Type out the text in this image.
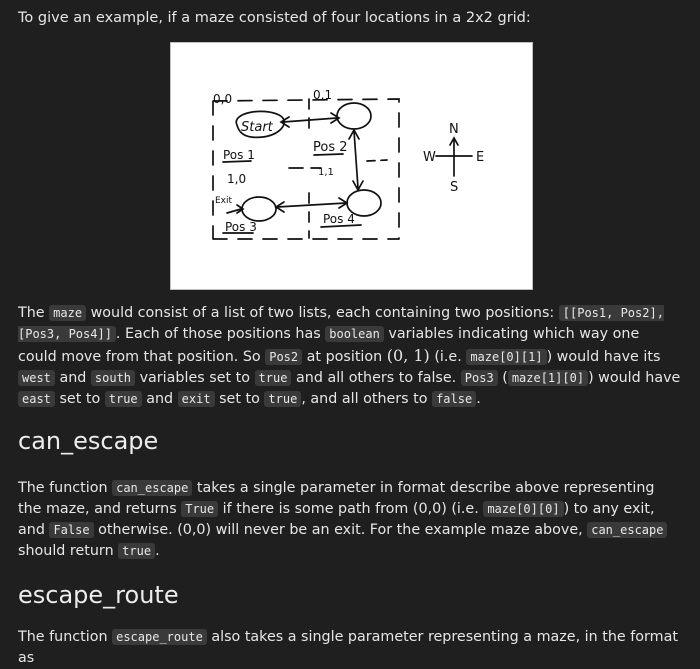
To give an example, if a maze consisted of four locations in a 2x2 grid:
0,0	0,1
1,0	1,1
Start
Pos 1	Pos 2
Exit
Pos 3
Pos 4
N
W	E
S
The maze would consist of a list of two lists, each containing two positions: [[Pos1, Pos2], [Pos3, Pos4]] . Each of those positions has boolean variables indicating which way one could move from that position. So Pos2 at position (0, 1) (i.e. maze[0][1] ) would have its west and south variables set to true and all others to false. Pos3 ( maze[1][0] ) would have east set to true and exit set to true , and all others to false .
can_escape
The function can_escape takes a single parameter in format describe above representing the maze, and returns True if there is some path from (0,0) (i.e. maze[0][0] ) to any exit, and False otherwise. (0,0) will never be an exit. For the example maze above, can_escape should return true .
escape_route
The function escape_route also takes a single parameter representing a maze, in the format as
